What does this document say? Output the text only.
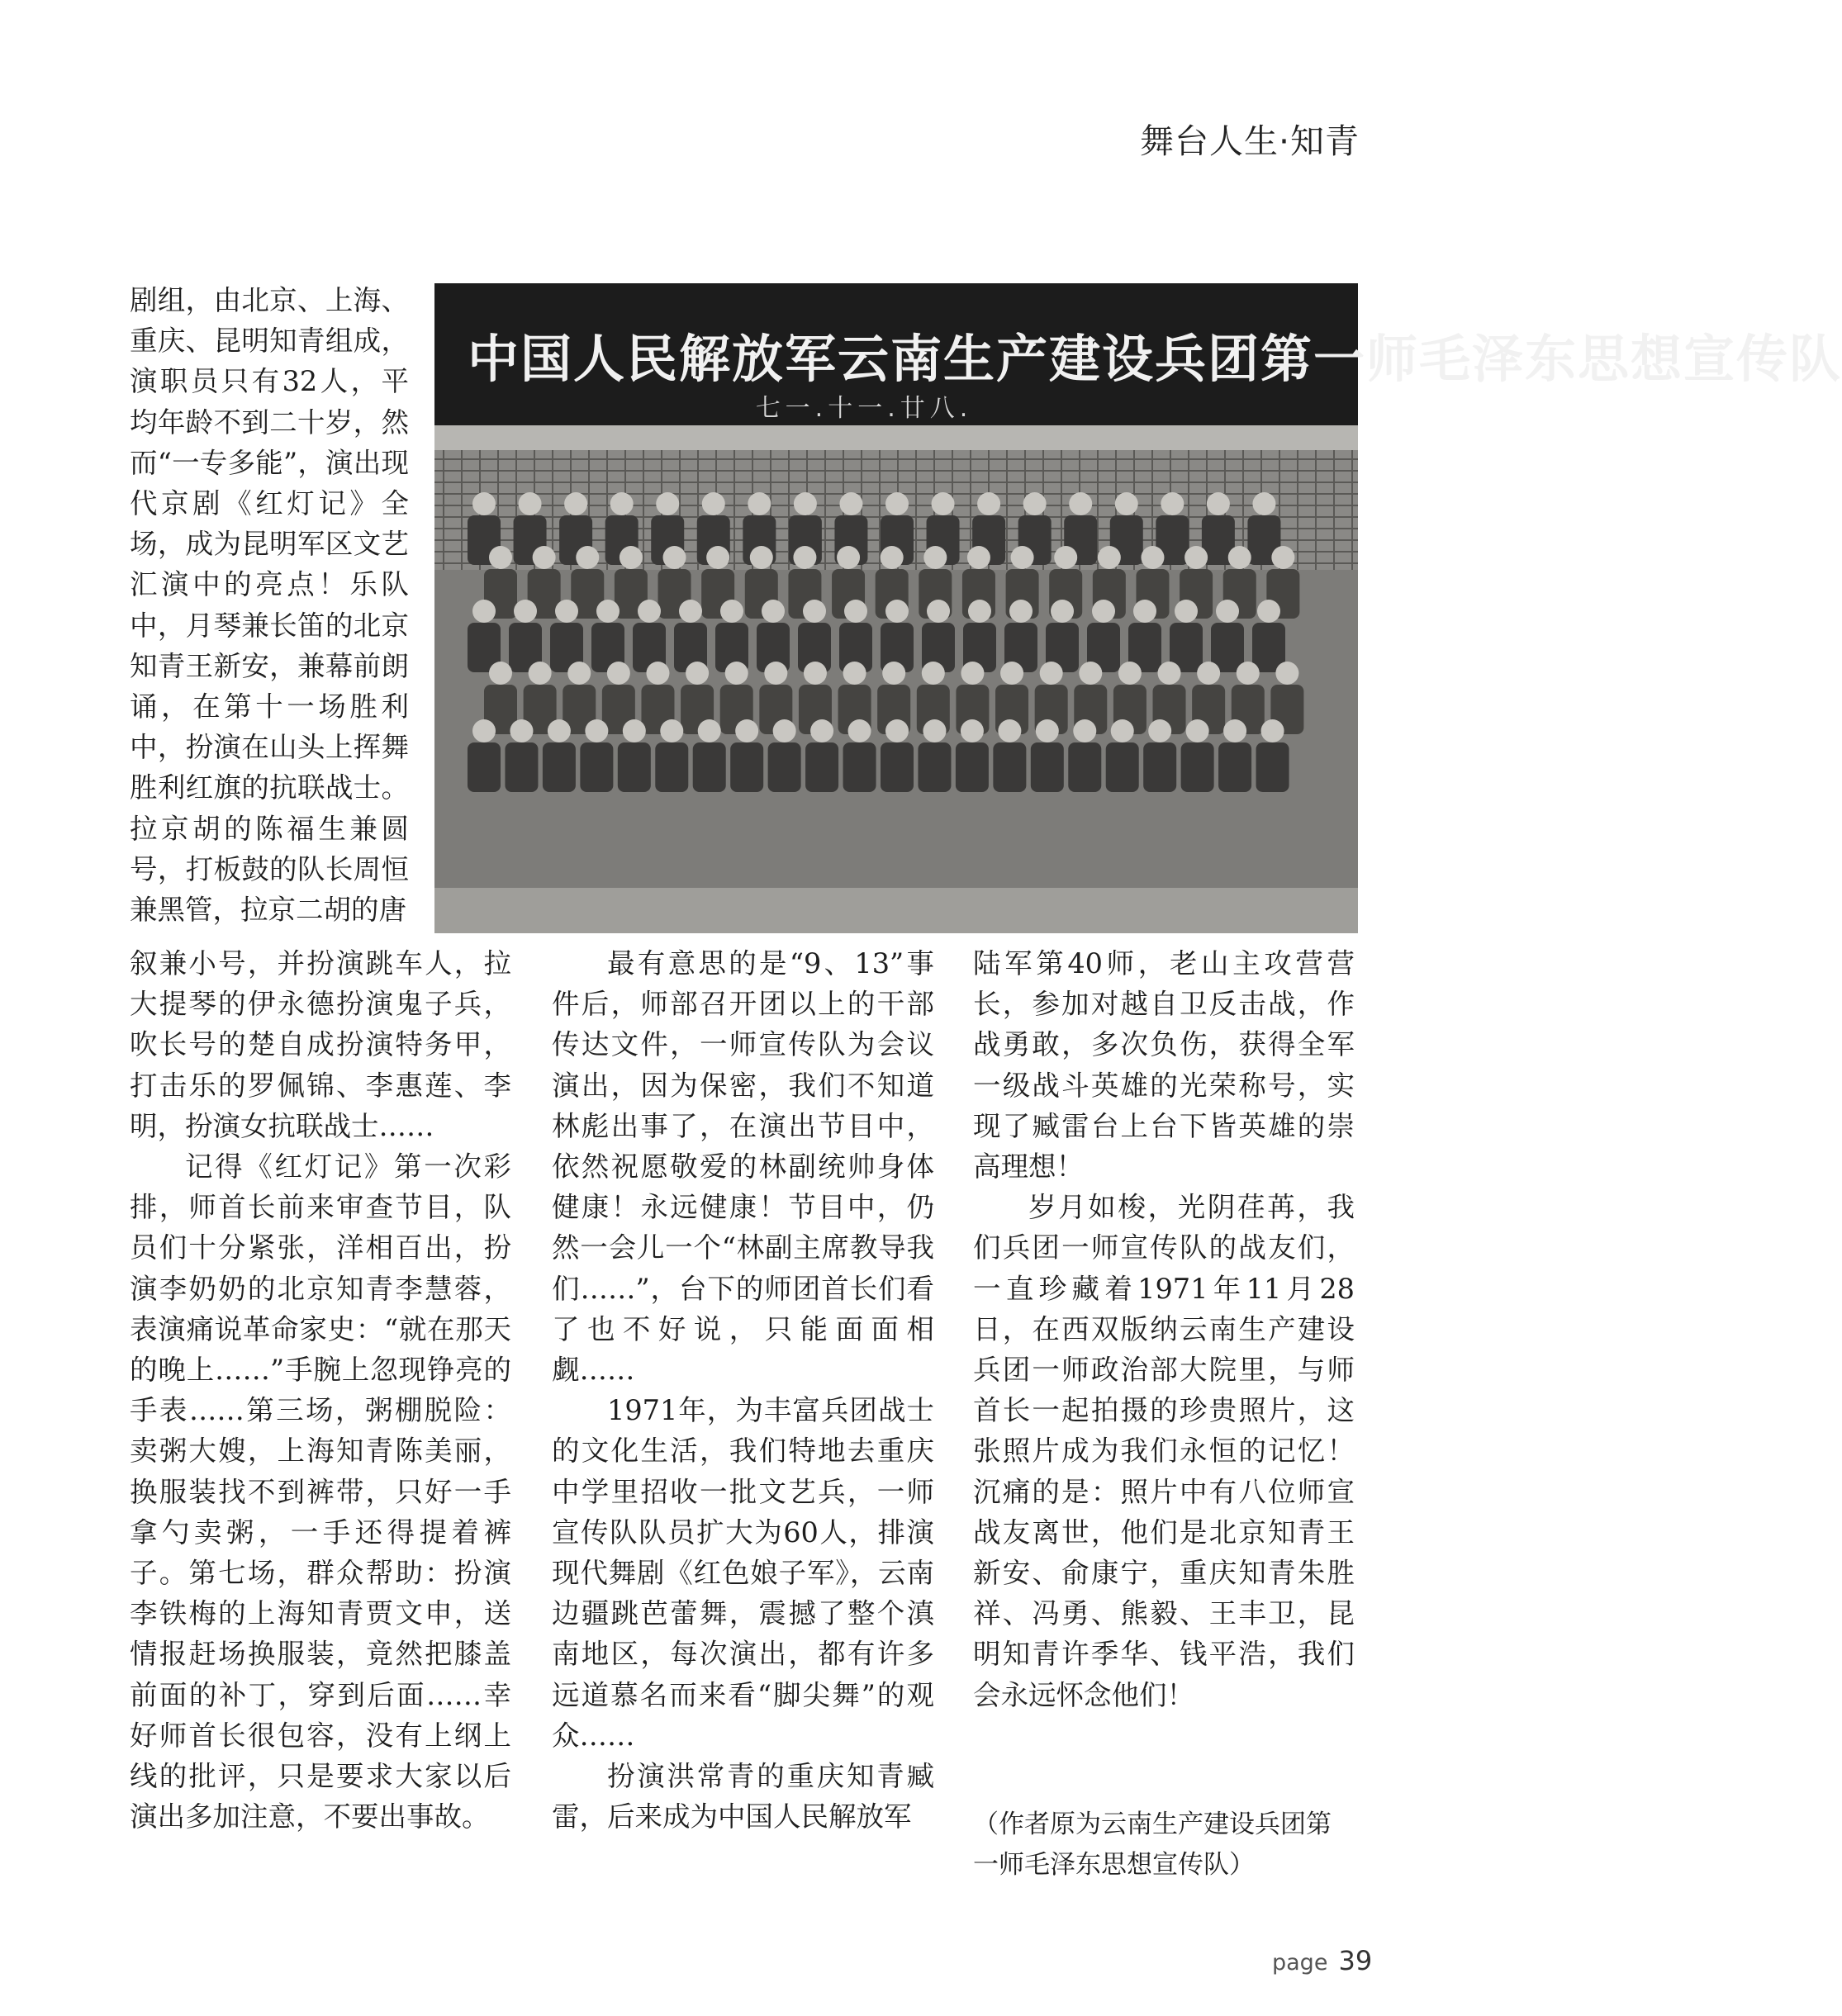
舞台人生·知青
中国人民解放军云南生产建设兵团第一师毛泽东思想宣传队
七一.十一.廿八.

剧组，由北京、上海、重庆、昆明知青组成，演职员只有32人，平均年龄不到二十岁，然而“一专多能”，演出现代京剧《红灯记》全场，成为昆明军区文艺汇演中的亮点！乐队中，月琴兼长笛的北京知青王新安，兼幕前朗诵，在第十一场胜利中，扮演在山头上挥舞胜利红旗的抗联战士。拉京胡的陈福生兼圆号，打板鼓的队长周恒兼黑管，拉京二胡的唐

叙兼小号，并扮演跳车人，拉大提琴的伊永德扮演鬼子兵，吹长号的楚自成扮演特务甲，打击乐的罗佩锦、李惠莲、李明，扮演女抗联战士……

记得《红灯记》第一次彩排，师首长前来审查节目，队员们十分紧张，洋相百出，扮演李奶奶的北京知青李慧蓉，表演痛说革命家史：“就在那天的晚上……”手腕上忽现铮亮的手表……第三场，粥棚脱险：卖粥大嫂，上海知青陈美丽，换服装找不到裤带，只好一手拿勺卖粥，一手还得提着裤子。第七场，群众帮助：扮演李铁梅的上海知青贾文申，送情报赶场换服装，竟然把膝盖前面的补丁，穿到后面……幸好师首长很包容，没有上纲上线的批评，只是要求大家以后演出多加注意，不要出事故。

最有意思的是“9、13”事件后，师部召开团以上的干部传达文件，一师宣传队为会议演出，因为保密，我们不知道林彪出事了，在演出节目中，依然祝愿敬爱的林副统帅身体健康！永远健康！节目中，仍然一会儿一个“林副主席教导我们……”，台下的师团首长们看了也不好说，只能面面相觑……

1971年，为丰富兵团战士的文化生活，我们特地去重庆中学里招收一批文艺兵，一师宣传队队员扩大为60人，排演现代舞剧《红色娘子军》，云南边疆跳芭蕾舞，震撼了整个滇南地区，每次演出，都有许多远道慕名而来看“脚尖舞”的观众……

扮演洪常青的重庆知青臧雷，后来成为中国人民解放军

陆军第40师，老山主攻营营长，参加对越自卫反击战，作战勇敢，多次负伤，获得全军一级战斗英雄的光荣称号，实现了臧雷台上台下皆英雄的崇高理想！

岁月如梭，光阴荏苒，我们兵团一师宣传队的战友们，一直珍藏着1971年11月28日，在西双版纳云南生产建设兵团一师政治部大院里，与师首长一起拍摄的珍贵照片，这张照片成为我们永恒的记忆！沉痛的是：照片中有八位师宣战友离世，他们是北京知青王新安、俞康宁，重庆知青朱胜祥、冯勇、熊毅、王丰卫，昆明知青许季华、钱平浩，我们会永远怀念他们！

（作者原为云南生产建设兵团第一师毛泽东思想宣传队）
page 39
